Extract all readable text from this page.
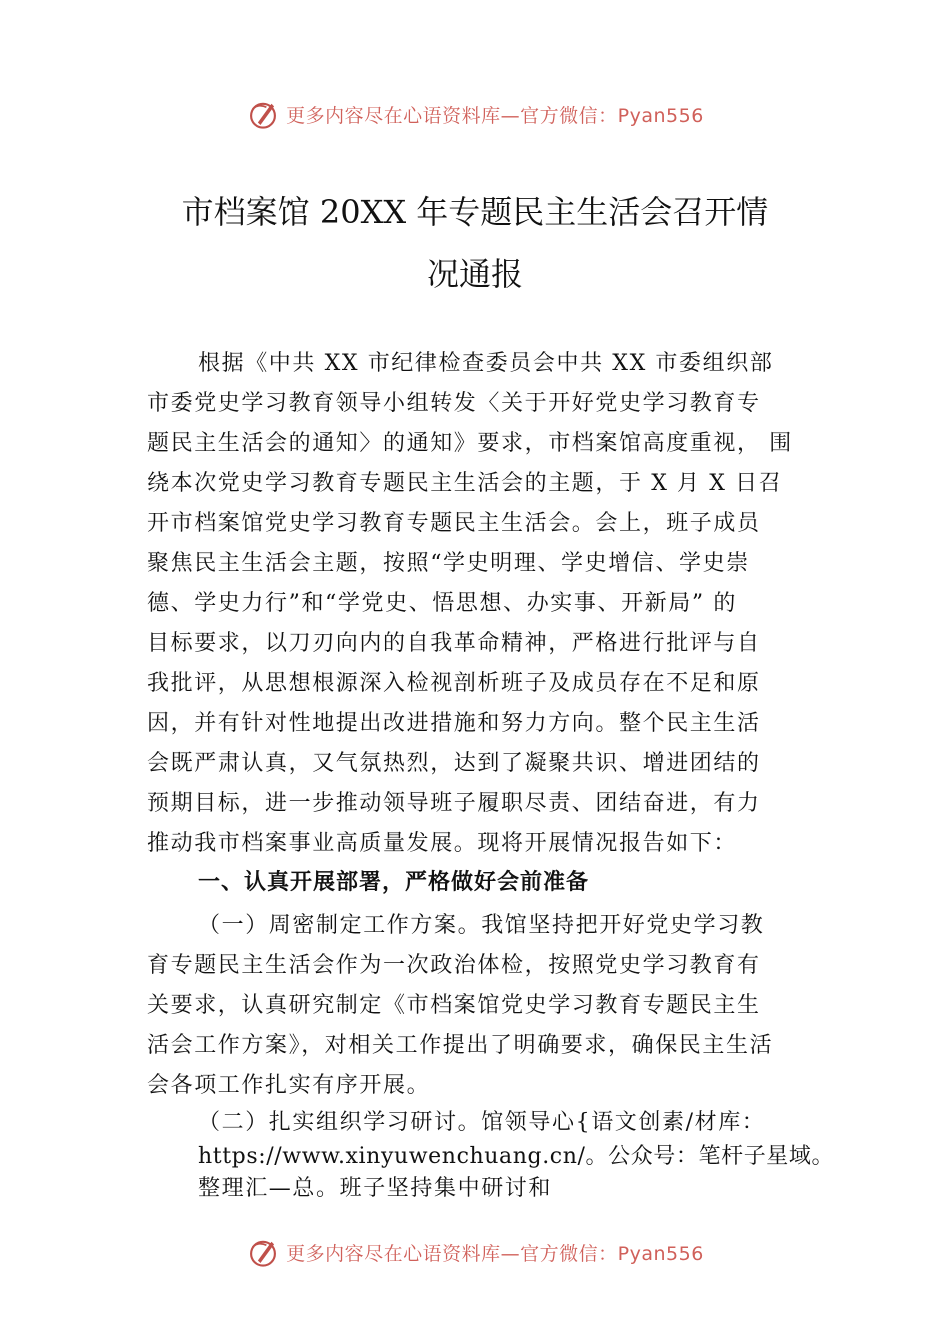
更多内容尽在心语资料库—官方微信：Pyan556
市档案馆 20XX 年专题民主生活会召开情
况通报
根据《中共 XX 市纪律检查委员会中共 XX 市委组织部
市委党史学习教育领导小组转发〈关于开好党史学习教育专
题民主生活会的通知〉的通知》要求，市档案馆高度重视， 围
绕本次党史学习教育专题民主生活会的主题，于 X 月 X 日召
开市档案馆党史学习教育专题民主生活会。会上，班子成员
聚焦民主生活会主题，按照“学史明理、学史增信、学史崇
德、学史力行”和“学党史、悟思想、办实事、开新局” 的
目标要求，以刀刃向内的自我革命精神，严格进行批评与自
我批评，从思想根源深入检视剖析班子及成员存在不足和原
因，并有针对性地提出改进措施和努力方向。整个民主生活
会既严肃认真，又气氛热烈，达到了凝聚共识、增进团结的
预期目标，进一步推动领导班子履职尽责、团结奋进，有力
推动我市档案事业高质量发展。现将开展情况报告如下：
一、认真开展部署，严格做好会前准备
（一）周密制定工作方案。我馆坚持把开好党史学习教
育专题民主生活会作为一次政治体检，按照党史学习教育有
关要求，认真研究制定《市档案馆党史学习教育专题民主生
活会工作方案》，对相关工作提出了明确要求，确保民主生活
会各项工作扎实有序开展。
（二）扎实组织学习研讨。馆领导心{语文创素/材库：
https://www.xinyuwenchuang.cn/。公众号：笔杆子星域。
整理汇—总。班子坚持集中研讨和
更多内容尽在心语资料库—官方微信：Pyan556
